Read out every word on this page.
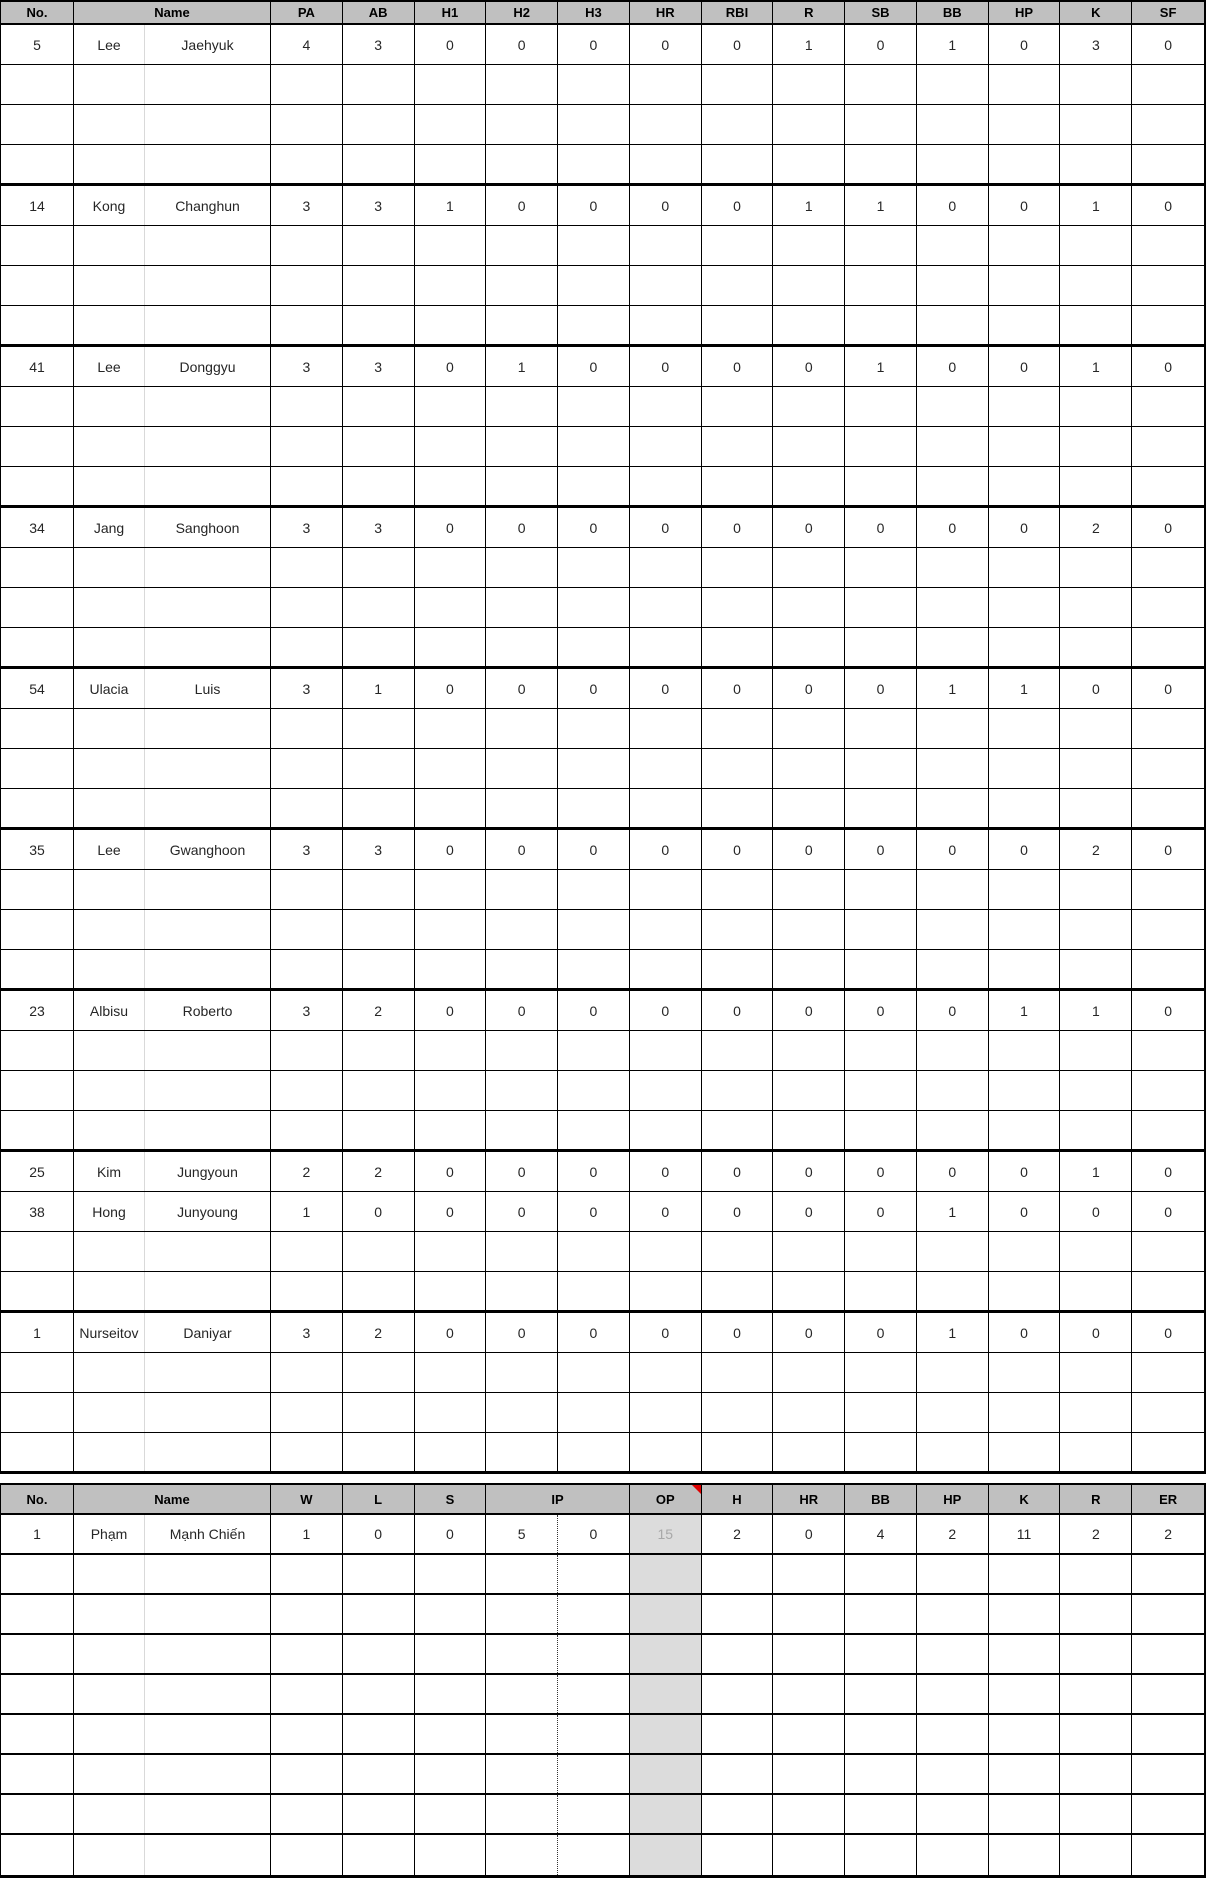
No.	Name	PA	AB	H1	H2	H3	HR	RBI	R	SB	BB	HP	K	SF
5	Lee	Jaehyuk	4	3	0	0	0	0	0	1	0	1	0	3	0
14	Kong	Changhun	3	3	1	0	0	0	0	1	1	0	0	1	0
41	Lee	Donggyu	3	3	0	1	0	0	0	0	1	0	0	1	0
34	Jang	Sanghoon	3	3	0	0	0	0	0	0	0	0	0	2	0
54	Ulacia	Luis	3	1	0	0	0	0	0	0	0	1	1	0	0
35	Lee	Gwanghoon	3	3	0	0	0	0	0	0	0	0	0	2	0
23	Albisu	Roberto	3	2	0	0	0	0	0	0	0	0	1	1	0
25	Kim	Jungyoun	2	2	0	0	0	0	0	0	0	0	0	1	0
38	Hong	Junyoung	1	0	0	0	0	0	0	0	0	1	0	0	0
1	Nurseitov	Daniyar	3	2	0	0	0	0	0	0	0	1	0	0	0
No.	Name	W	L	S	IP	OP	H	HR	BB	HP	K	R	ER
1	Phạm	Mạnh Chiến	1	0	0	5	0	15	2	0	4	2	11	2	2
